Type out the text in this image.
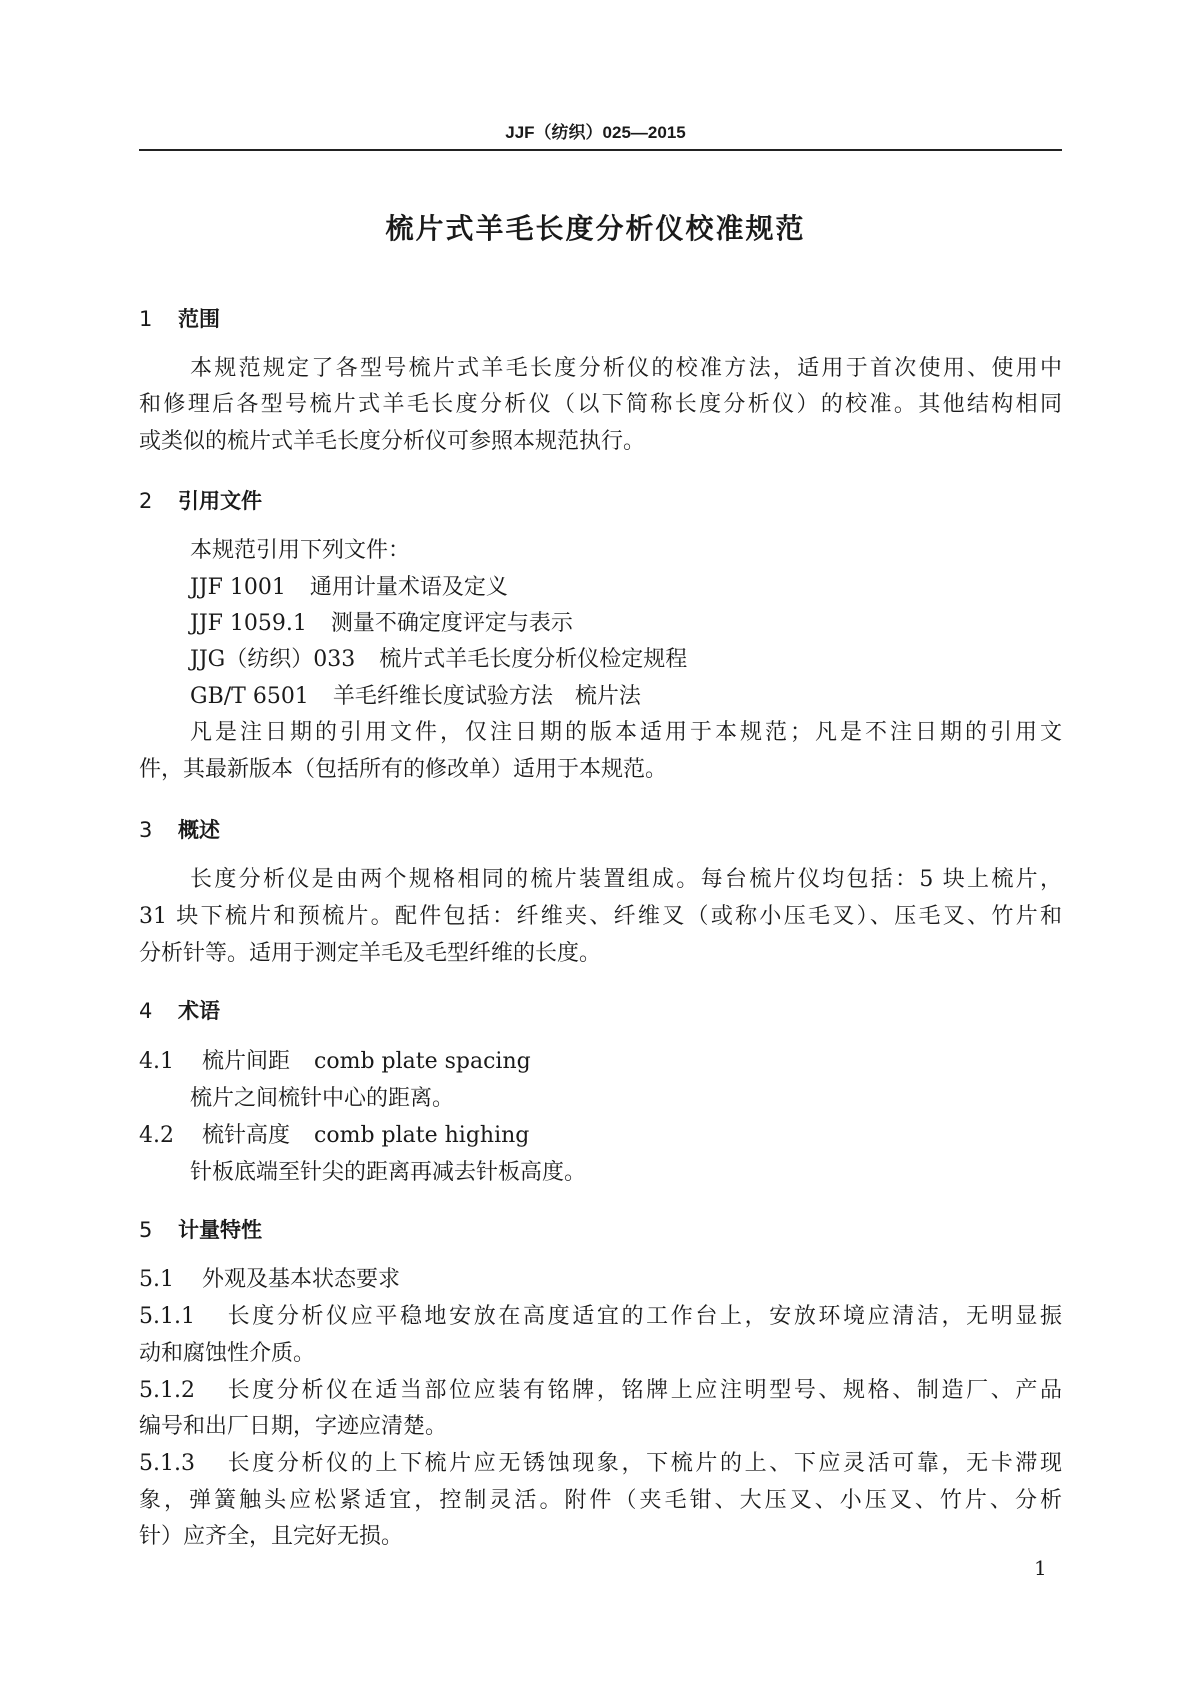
JJF（纺织）025—2015
梳片式羊毛长度分析仪校准规范
1 范围
本规范规定了各型号梳片式羊毛长度分析仪的校准方法，适用于首次使用、使用中
和修理后各型号梳片式羊毛长度分析仪（以下简称长度分析仪）的校准。其他结构相同
或类似的梳片式羊毛长度分析仪可参照本规范执行。
2 引用文件
本规范引用下列文件：
JJF 1001 通用计量术语及定义
JJF 1059.1 测量不确定度评定与表示
JJG（纺织）033 梳片式羊毛长度分析仪检定规程
GB/T 6501 羊毛纤维长度试验方法　梳片法
凡是注日期的引用文件，仅注日期的版本适用于本规范；凡是不注日期的引用文
件，其最新版本（包括所有的修改单）适用于本规范。
3 概述
长度分析仪是由两个规格相同的梳片装置组成。每台梳片仪均包括：5 块上梳片，
31 块下梳片和预梳片。配件包括：纤维夹、纤维叉（或称小压毛叉）、压毛叉、竹片和
分析针等。适用于测定羊毛及毛型纤维的长度。
4 术语
4.1 梳片间距 comb plate spacing
梳片之间梳针中心的距离。
4.2 梳针高度 comb plate highing
针板底端至针尖的距离再减去针板高度。
5 计量特性
5.1 外观及基本状态要求
5.1.1 长度分析仪应平稳地安放在高度适宜的工作台上，安放环境应清洁，无明显振
动和腐蚀性介质。
5.1.2 长度分析仪在适当部位应装有铭牌，铭牌上应注明型号、规格、制造厂、产品
编号和出厂日期，字迹应清楚。
5.1.3 长度分析仪的上下梳片应无锈蚀现象，下梳片的上、下应灵活可靠，无卡滞现
象，弹簧触头应松紧适宜，控制灵活。附件（夹毛钳、大压叉、小压叉、竹片、分析
针）应齐全，且完好无损。
1
